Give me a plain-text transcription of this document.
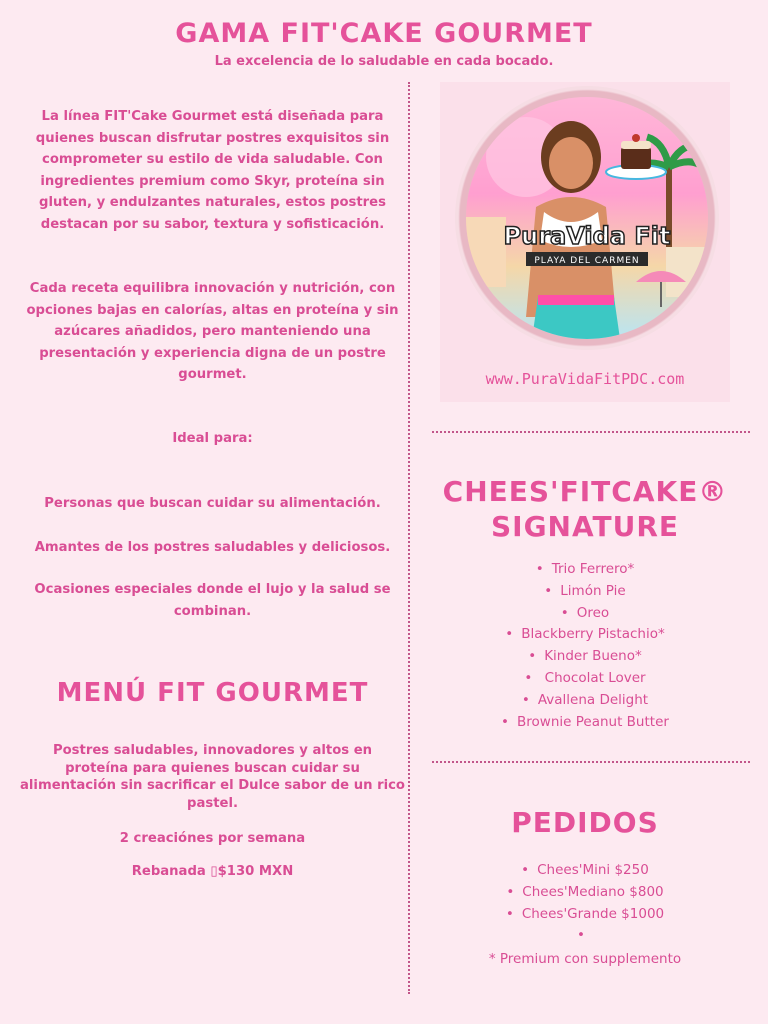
GAMA FIT'CAKE GOURMET
La excelencia de lo saludable en cada bocado.

La línea FIT'Cake Gourmet está diseñada para quienes buscan disfrutar postres exquisitos sin comprometer su estilo de vida saludable. Con ingredientes premium como Skyr, proteína sin gluten, y endulzantes naturales, estos postres destacan por su sabor, textura y sofisticación.

Cada receta equilibra innovación y nutrición, con opciones bajas en calorías, altas en proteína y sin azúcares añadidos, pero manteniendo una presentación y experiencia digna de un postre gourmet.

Ideal para:

Personas que buscan cuidar su alimentación.

Amantes de los postres saludables y deliciosos.

Ocasiones especiales donde el lujo y la salud se combinan.

MENÚ FIT GOURMET

Postres saludables, innovadores y altos en proteína para quienes buscan cuidar su alimentación sin sacrificar el Dulce sabor de un rico pastel.

2 creaciónes por semana

Rebanada ▯$130 MXN

PuraVida Fit
PLAYA DEL CARMEN
www.PuraVidaFitPDC.com
CHEES'FITCAKE®
SIGNATURE
• Trio Ferrero*
• Limón Pie
• Oreo
• Blackberry Pistachio*
• Kinder Bueno*
• Chocolat Lover
• Avallena Delight
• Brownie Peanut Butter
PEDIDOS
• Chees'Mini $250
• Chees'Mediano $800
• Chees'Grande $1000
•
* Premium con supplemento
